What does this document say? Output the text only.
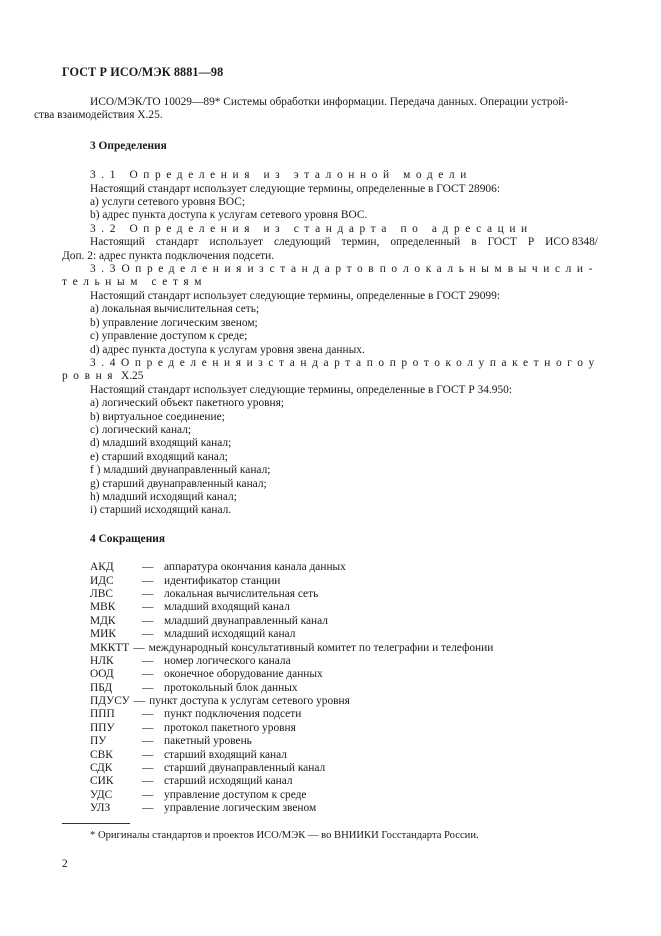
ГОСТ Р ИСО/МЭК 8881—98

ИСО/МЭК/ТО 10029—89* Системы обработки информации. Передача данных. Операции устрой-
ства взаимодействия X.25.

3 Определения

3.1 Определения из эталонной модели

Настоящий стандарт использует следующие термины, определенные в ГОСТ 28906:

а) услуги сетевого уровня ВОС;

b) адрес пункта доступа к услугам сетевого уровня ВОС.

3.2 Определения из стандарта по адресации

Настоящий стандарт использует следующий термин, определенный в ГОСТ Р ИСО 8348/

Доп. 2: адрес пункта подключения подсети.

3.3 Определения из стандартов по локальным вычисли-

тельным сетям

Настоящий стандарт использует следующие термины, определенные в ГОСТ 29099:

а) локальная вычислительная сеть;

b) управление логическим звеном;

c) управление доступом к среде;

d) адрес пункта доступа к услугам уровня звена данных.

3.4 Определения из стандарта по протоколу пакетного у

ровня X.25

Настоящий стандарт использует следующие термины, определенные в ГОСТ Р 34.950:

а) логический объект пакетного уровня;

b) виртуальное соединение;

c) логический канал;

d) младший входящий канал;

e) старший входящий канал;

f ) младший двунаправленный канал;

g) старший двунаправленный канал;

h) младший исходящий канал;

i) старший исходящий канал.

4 Сокращения

АКД	— аппаратура окончания канала данных
ИДС	— идентификатор станции
ЛВС	— локальная вычислительная сеть
МВК	— младший входящий канал
МДК	— младший двунаправленный канал
МИК	— младший исходящий канал
МККТТ — международный консультативный комитет по телеграфии и телефонии
НЛК	— номер логического канала
ООД	— оконечное оборудование данных
ПБД	— протокольный блок данных
ПДУСУ — пункт доступа к услугам сетевого уровня
ППП	— пункт подключения подсети
ППУ	— протокол пакетного уровня
ПУ	— пакетный уровень
СВК	— старший входящий канал
СДК	— старший двунаправленный канал
СИК	— старший исходящий канал
УДС	— управление доступом к среде
УЛЗ	— управление логическим звеном
* Оригиналы стандартов и проектов ИСО/МЭК — во ВНИИКИ Госстандарта России.
2
